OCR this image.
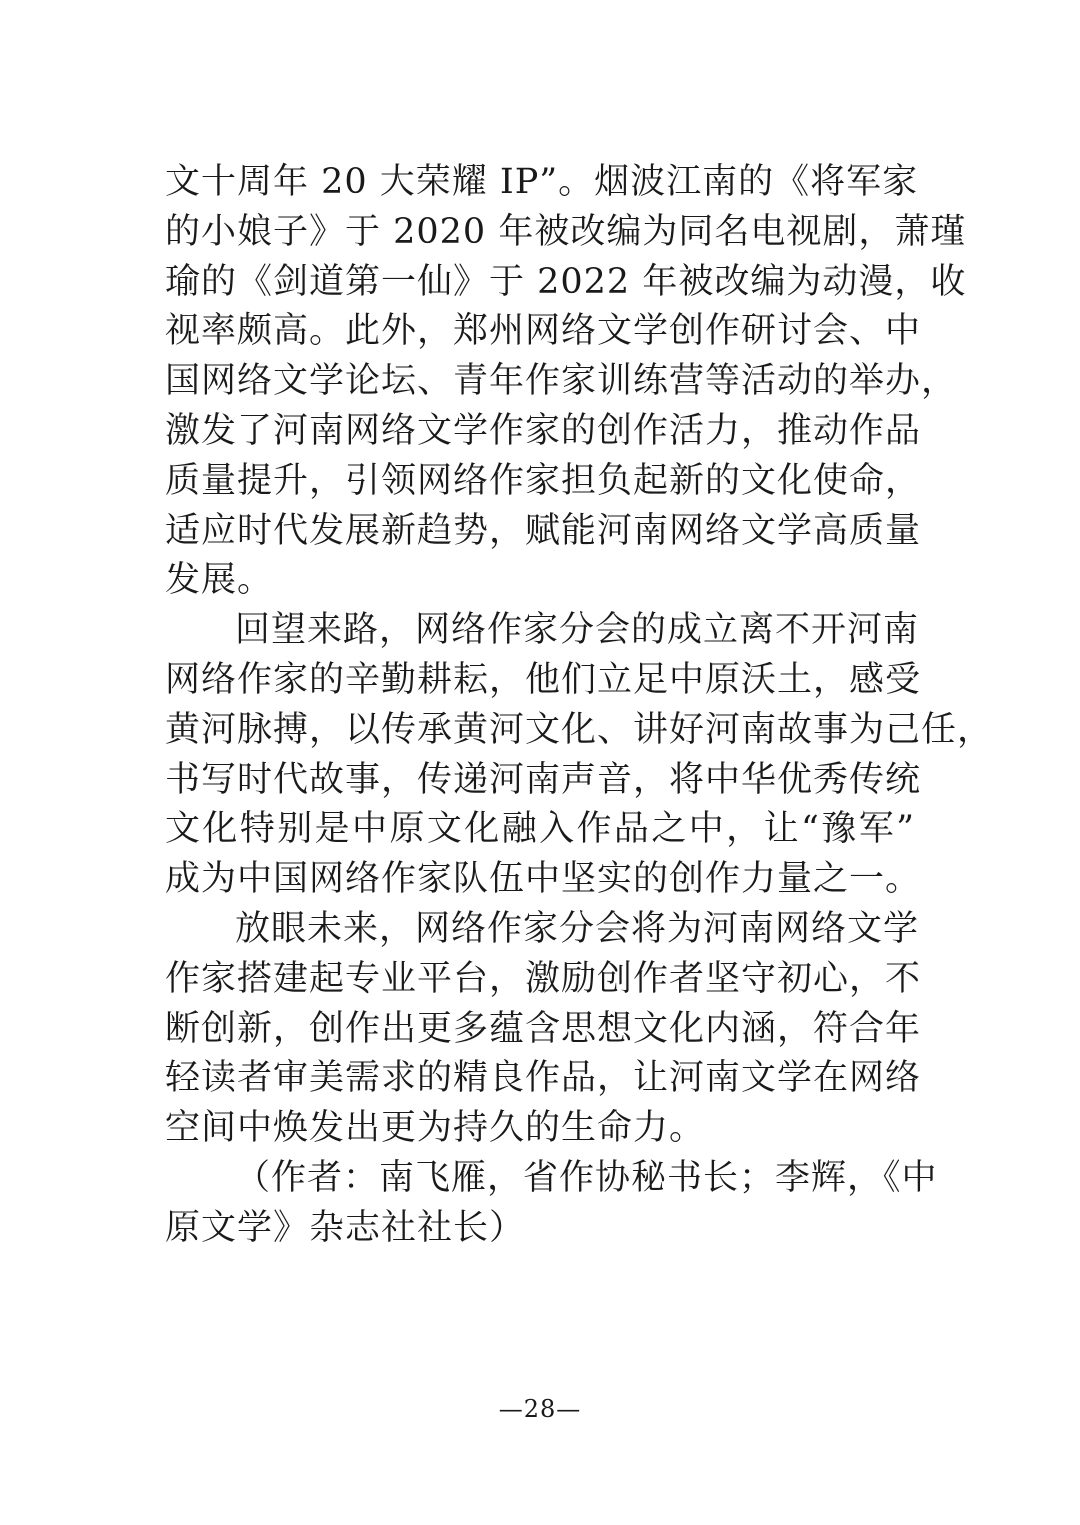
文十周年 20 大荣耀 IP”。烟波江南的《将军家
的小娘子》于 2020 年被改编为同名电视剧，萧瑾
瑜的《剑道第一仙》于 2022 年被改编为动漫，收
视率颇高。此外，郑州网络文学创作研讨会、中
国网络文学论坛、青年作家训练营等活动的举办，
激发了河南网络文学作家的创作活力，推动作品
质量提升，引领网络作家担负起新的文化使命，
适应时代发展新趋势，赋能河南网络文学高质量
发展。
回望来路，网络作家分会的成立离不开河南
网络作家的辛勤耕耘，他们立足中原沃土，感受
黄河脉搏，以传承黄河文化、讲好河南故事为己任，
书写时代故事，传递河南声音，将中华优秀传统
文化特别是中原文化融入作品之中，让“豫军”
成为中国网络作家队伍中坚实的创作力量之一。
放眼未来，网络作家分会将为河南网络文学
作家搭建起专业平台，激励创作者坚守初心，不
断创新，创作出更多蕴含思想文化内涵，符合年
轻读者审美需求的精良作品，让河南文学在网络
空间中焕发出更为持久的生命力。
（作者：南飞雁，省作协秘书长；李辉，《中
原文学》杂志社社长）
—28—
